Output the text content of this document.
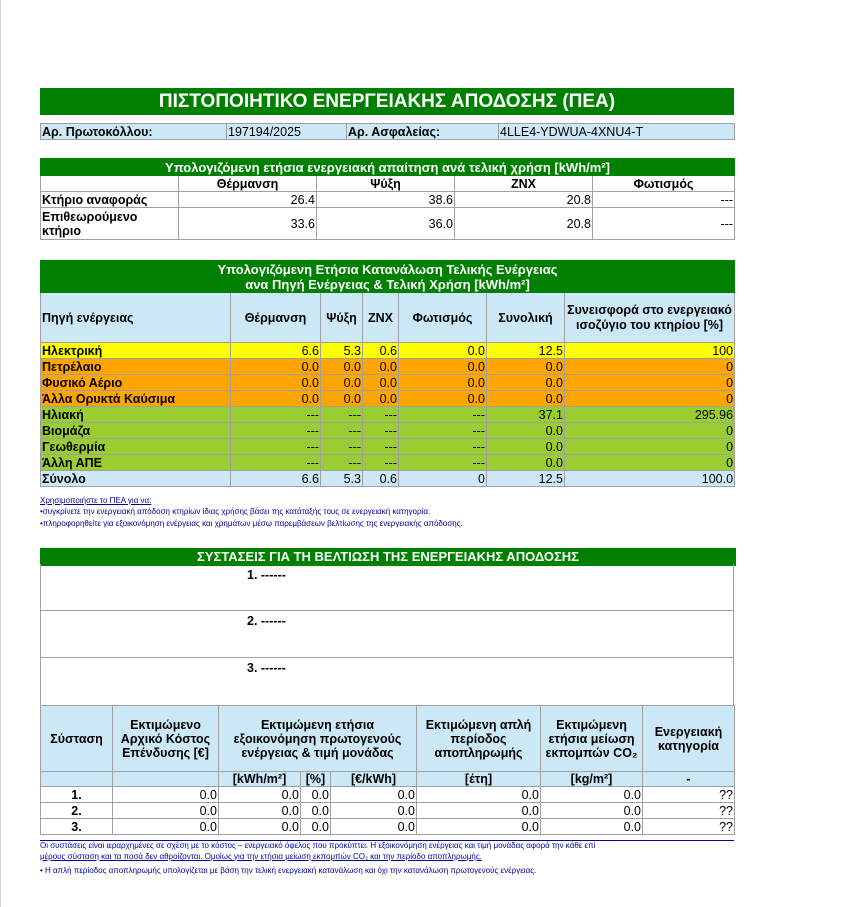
ΠΙΣΤΟΠΟΙΗΤΙΚΟ ΕΝΕΡΓΕΙΑΚΗΣ ΑΠΟΔΟΣΗΣ (ΠΕΑ)
Αρ. Πρωτοκόλλου:	197194/2025	Αρ. Ασφαλείας:	4LLE4-YDWUA-4XNU4-T
Υπολογιζόμενη ετήσια ενεργειακή απαίτηση ανά τελική χρήση [kWh/m²]				
	Θέρμανση	Ψύξη	ΖΝΧ	Φωτισμός
Κτήριο αναφοράς	26.4	38.6	20.8	---
Επιθεωρούμενο κτήριο	33.6	36.0	20.8	---
Υπολογιζόμενη Ετήσια Κατανάλωση Τελικής Ενέργειας
ανα Πηγή Ενέργειας & Τελική Χρήση [kWh/m²]						

Πηγή ενέργειας	Θέρμανση	Ψύξη	ΖΝΧ	Φωτισμός	Συνολική	Συνεισφορά στο ενεργειακό ισοζύγιο του κτηρίου [%]
Ηλεκτρική	6.6	5.3	0.6	0.0	12.5	100
Πετρέλαιο	0.0	0.0	0.0	0.0	0.0	0
Φυσικό Αέριο	0.0	0.0	0.0	0.0	0.0	0
Άλλα Ορυκτά Καύσιμα	0.0	0.0	0.0	0.0	0.0	0
Ηλιακή	---	---	---	---	37.1	295.96
Βιομάζα	---	---	---	---	0.0	0
Γεωθερμία	---	---	---	---	0.0	0
Άλλη ΑΠΕ	---	---	---	---	0.0	0
Σύνολο	6.6	5.3	0.6	0	12.5	100.0
Χρησιμοποιήστε το ΠΕΑ για να:
•συγκρίνετε την ενεργειακή απόδοση κτηρίων ίδιας χρήσης βάσει της κατάταξής τους σε ενεργειακή κατηγορία.
•πληροφορηθείτε για εξοικονόμηση ενέργειας και χρημάτων μέσω παρεμβάσεων βελτίωσης της ενεργειακής απόδοσης.
ΣΥΣΤΑΣΕΙΣ ΓΙΑ ΤΗ ΒΕΛΤΙΩΣΗ ΤΗΣ ΕΝΕΡΓΕΙΑΚΗΣ ΑΠΟΔΟΣΗΣ
1. ------
2. ------
3. ------
Σύσταση	Εκτιμώμενο Αρχικό Κόστος Επένδυσης [€]	Εκτιμώμενη ετήσια εξοικονόμηση πρωτογενούς ενέργειας & τιμή μονάδας			Εκτιμώμενη απλή περίοδος αποπληρωμής	Εκτιμώμενη ετήσια μείωση εκπομπών CO₂	Ενεργειακή κατηγορία
		[kWh/m²]	[%]	[€/kWh]	[έτη]	[kg/m²]	-
1.	0.0	0.0	0.0	0.0	0.0	0.0	??
2.	0.0	0.0	0.0	0.0	0.0	0.0	??
3.	0.0	0.0	0.0	0.0	0.0	0.0	??
Οι συστάσεις είναι ιεραρχημένες σε σχέση με το κόστος – ενεργειακό όφελος που προκύπτει. Η εξοικονόμηση ενέργειας και τιμή μονάδας αφορά την κάθε επί
μέρους σύσταση και τα ποσά δεν αθροίζονται. Ομοίως για την ετήσια μείωση εκπομπών CO₂ και την περίοδο αποπληρωμής.
• Η απλή περίοδος αποπληρωμής υπολογίζεται με βάση την τελική ενεργειακή κατανάλωση και όχι την κατανάλωση πρωτογενούς ενέργειας.
